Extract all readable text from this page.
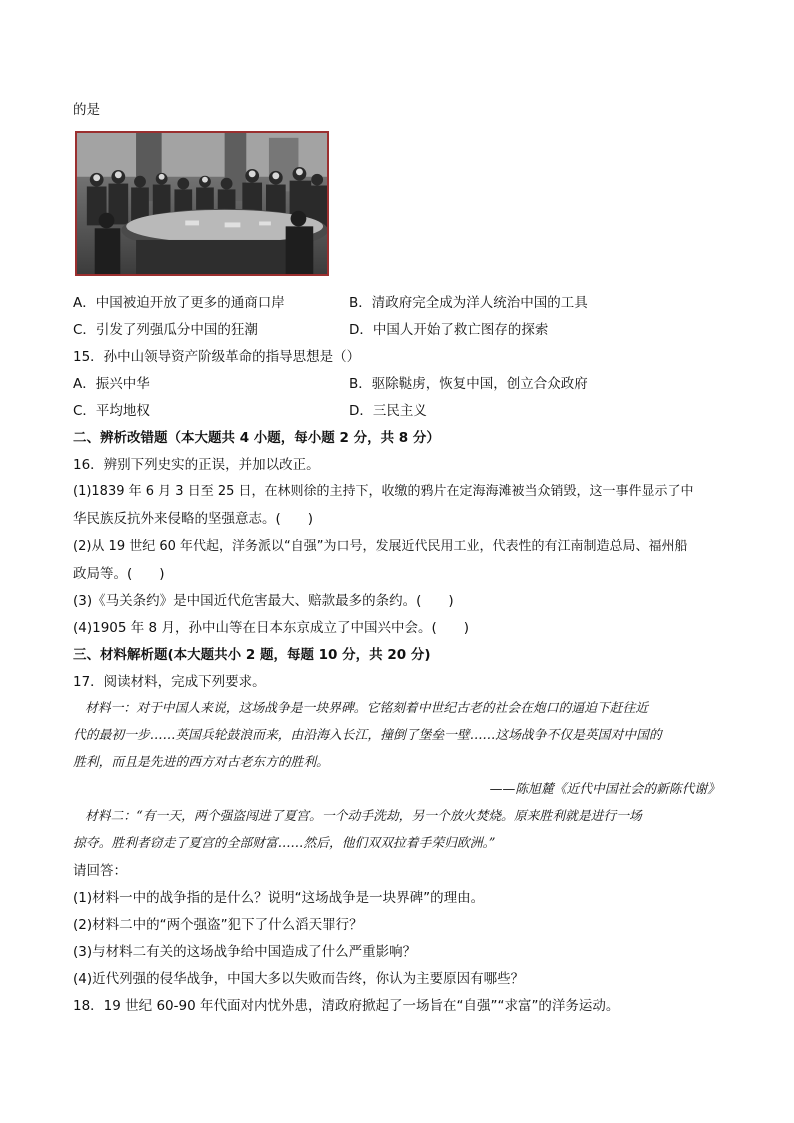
的是
A．中国被迫开放了更多的通商口岸	B．清政府完全成为洋人统治中国的工具
C．引发了列强瓜分中国的狂潮	D．中国人开始了救亡图存的探索
15．孙中山领导资产阶级革命的指导思想是（）
A．振兴中华	B．驱除鞑虏，恢复中国，创立合众政府
C．平均地权	D．三民主义
二、辨析改错题（本大题共 4 小题，每小题 2 分，共 8 分）
16．辨别下列史实的正误，并加以改正。
(1)1839 年 6 月 3 日至 25 日，在林则徐的主持下，收缴的鸦片在定海海滩被当众销毁，这一事件显示了中
华民族反抗外来侵略的坚强意志。(　　)
(2)从 19 世纪 60 年代起，洋务派以“自强”为口号，发展近代民用工业，代表性的有江南制造总局、福州船
政局等。(　　)
(3)《马关条约》是中国近代危害最大、赔款最多的条约。(　　)
(4)1905 年 8 月，孙中山等在日本东京成立了中国兴中会。(　　)
三、材料解析题(本大题共小 2 题，每题 10 分，共 20 分)
17．阅读材料，完成下列要求。
材料一：对于中国人来说，这场战争是一块界碑。它铭刻着中世纪古老的社会在炮口的逼迫下赶往近
代的最初一步……英国兵轮鼓浪而来，由沿海入长江，撞倒了堡垒一壁……这场战争不仅是英国对中国的
胜利，而且是先进的西方对古老东方的胜利。
——陈旭麓《近代中国社会的新陈代谢》
材料二：“有一天，两个强盗闯进了夏宫。一个动手洗劫，另一个放火焚烧。原来胜利就是进行一场
掠夺。胜利者窃走了夏宫的全部财富……然后，他们双双拉着手荣归欧洲。”
请回答：
(1)材料一中的战争指的是什么？说明“这场战争是一块界碑”的理由。
(2)材料二中的“两个强盗”犯下了什么滔天罪行？
(3)与材料二有关的这场战争给中国造成了什么严重影响？
(4)近代列强的侵华战争，中国大多以失败而告终，你认为主要原因有哪些？
18．19 世纪 60-90 年代面对内忧外患，清政府掀起了一场旨在“自强”“求富”的洋务运动。
